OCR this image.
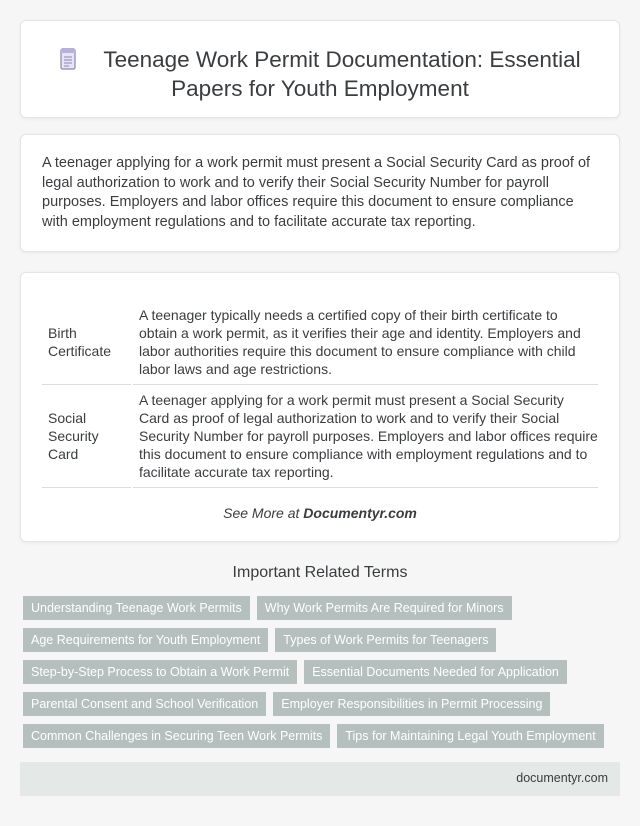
Teenage Work Permit Documentation: Essential Papers for Youth Employment

A teenager applying for a work permit must present a Social Security Card as proof of legal authorization to work and to verify their Social Security Number for payroll purposes. Employers and labor offices require this document to ensure compliance with employment regulations and to facilitate accurate tax reporting.

Birth Certificate	A teenager typically needs a certified copy of their birth certificate to obtain a work permit, as it verifies their age and identity. Employers and labor authorities require this document to ensure compliance with child labor laws and age restrictions.
Social Security Card	A teenager applying for a work permit must present a Social Security Card as proof of legal authorization to work and to verify their Social Security Number for payroll purposes. Employers and labor offices require this document to ensure compliance with employment regulations and to facilitate accurate tax reporting.
See More at Documentyr.com
Important Related Terms
Understanding Teenage Work Permits	Why Work Permits Are Required for Minors
Age Requirements for Youth Employment	Types of Work Permits for Teenagers
Step-by-Step Process to Obtain a Work Permit	Essential Documents Needed for Application
Parental Consent and School Verification	Employer Responsibilities in Permit Processing
Common Challenges in Securing Teen Work Permits	Tips for Maintaining Legal Youth Employment
documentyr.com
